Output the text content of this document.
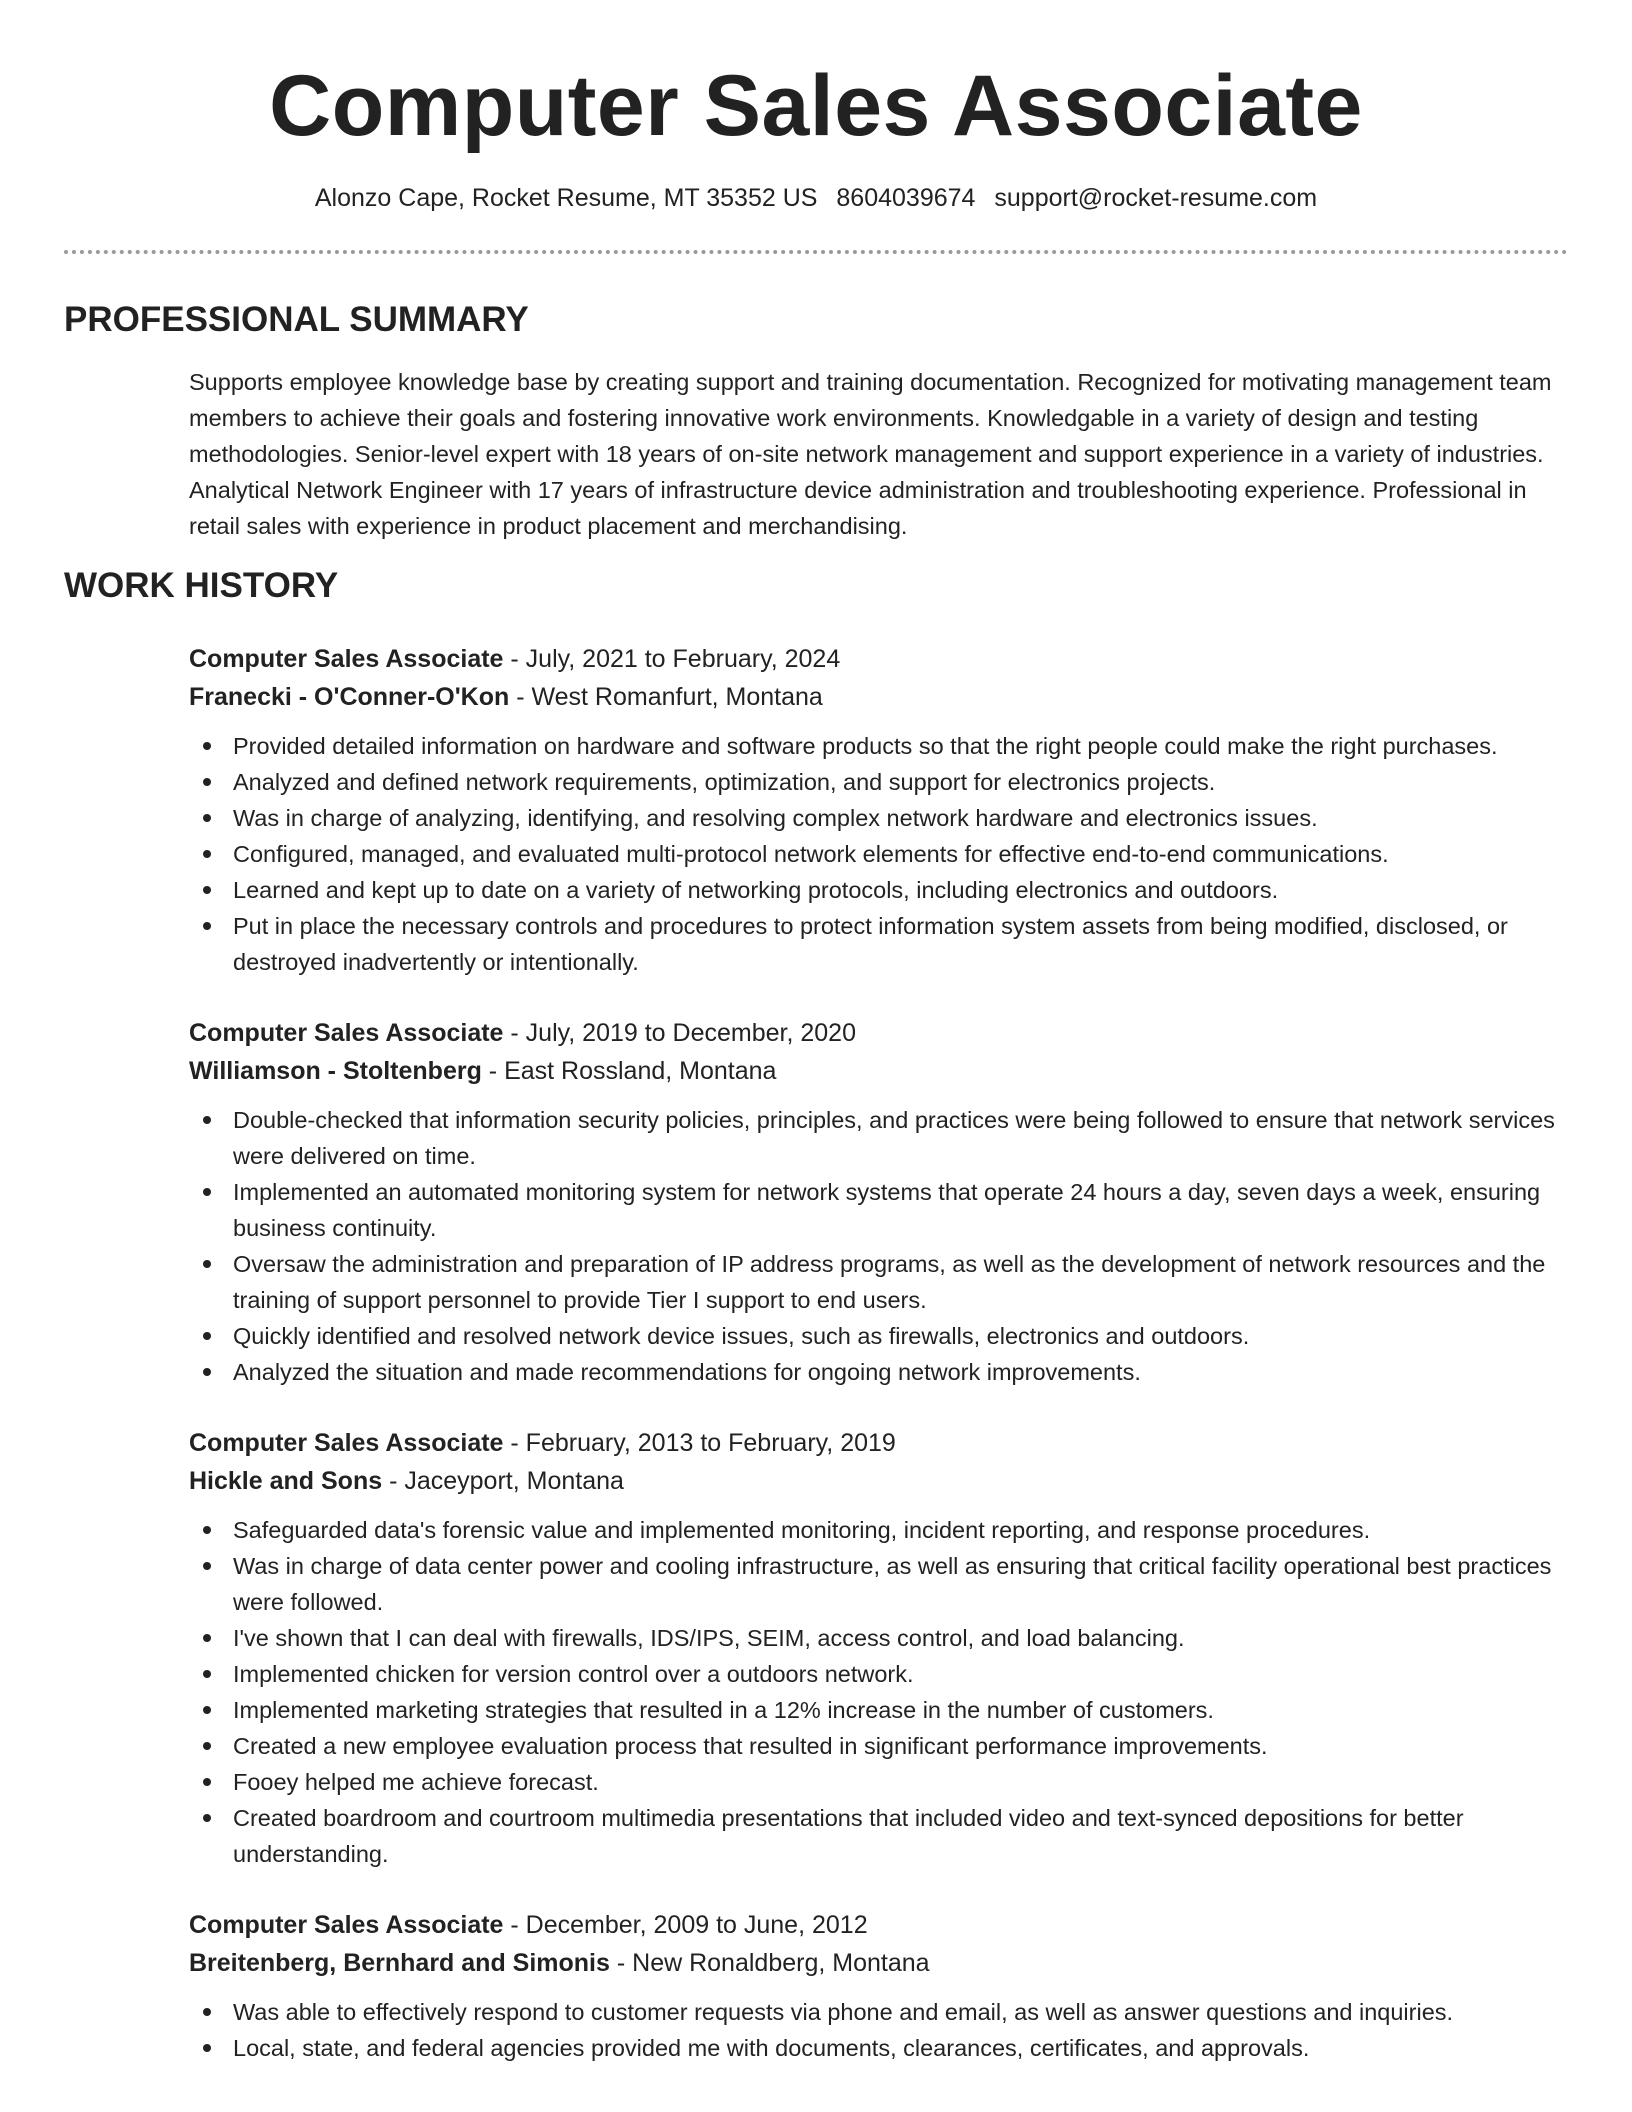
Computer Sales Associate
Alonzo Cape, Rocket Resume, MT 35352 US 8604039674 support@rocket-resume.com
PROFESSIONAL SUMMARY
Supports employee knowledge base by creating support and training documentation. Recognized for motivating management team members to achieve their goals and fostering innovative work environments. Knowledgable in a variety of design and testing methodologies. Senior-level expert with 18 years of on-site network management and support experience in a variety of industries. Analytical Network Engineer with 17 years of infrastructure device administration and troubleshooting experience. Professional in retail sales with experience in product placement and merchandising.
WORK HISTORY
Computer Sales Associate - July, 2021 to February, 2024
Franecki - O'Conner-O'Kon - West Romanfurt, Montana
Provided detailed information on hardware and software products so that the right people could make the right purchases.
Analyzed and defined network requirements, optimization, and support for electronics projects.
Was in charge of analyzing, identifying, and resolving complex network hardware and electronics issues.
Configured, managed, and evaluated multi-protocol network elements for effective end-to-end communications.
Learned and kept up to date on a variety of networking protocols, including electronics and outdoors.
Put in place the necessary controls and procedures to protect information system assets from being modified, disclosed, or destroyed inadvertently or intentionally.
Computer Sales Associate - July, 2019 to December, 2020
Williamson - Stoltenberg - East Rossland, Montana
Double-checked that information security policies, principles, and practices were being followed to ensure that network services were delivered on time.
Implemented an automated monitoring system for network systems that operate 24 hours a day, seven days a week, ensuring business continuity.
Oversaw the administration and preparation of IP address programs, as well as the development of network resources and the training of support personnel to provide Tier I support to end users.
Quickly identified and resolved network device issues, such as firewalls, electronics and outdoors.
Analyzed the situation and made recommendations for ongoing network improvements.
Computer Sales Associate - February, 2013 to February, 2019
Hickle and Sons - Jaceyport, Montana
Safeguarded data's forensic value and implemented monitoring, incident reporting, and response procedures.
Was in charge of data center power and cooling infrastructure, as well as ensuring that critical facility operational best practices were followed.
I've shown that I can deal with firewalls, IDS/IPS, SEIM, access control, and load balancing.
Implemented chicken for version control over a outdoors network.
Implemented marketing strategies that resulted in a 12% increase in the number of customers.
Created a new employee evaluation process that resulted in significant performance improvements.
Fooey helped me achieve forecast.
Created boardroom and courtroom multimedia presentations that included video and text-synced depositions for better understanding.
Computer Sales Associate - December, 2009 to June, 2012
Breitenberg, Bernhard and Simonis - New Ronaldberg, Montana
Was able to effectively respond to customer requests via phone and email, as well as answer questions and inquiries.
Local, state, and federal agencies provided me with documents, clearances, certificates, and approvals.
